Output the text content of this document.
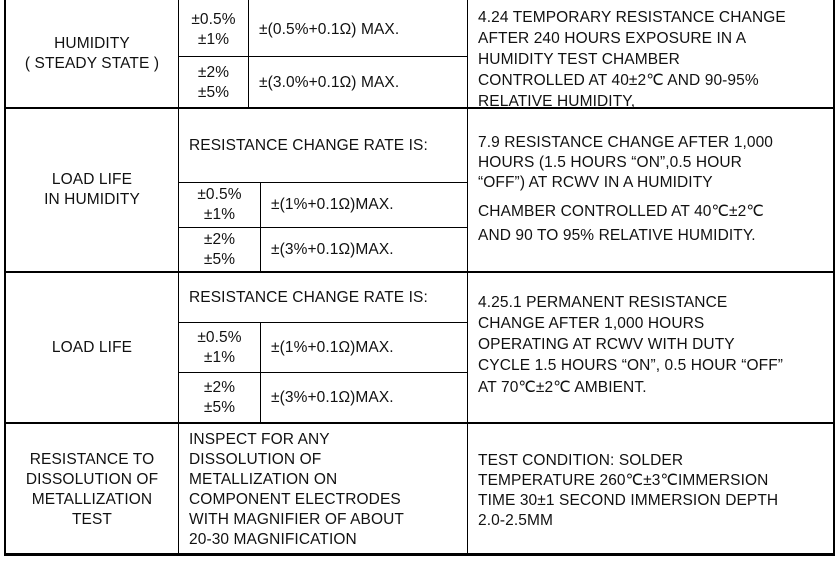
HUMIDITY
( STEADY STATE )
±0.5%
±1%
±(0.5%+0.1Ω) MAX.
±2%
±5%
±(3.0%+0.1Ω) MAX.
4.24 TEMPORARY RESISTANCE CHANGE
AFTER 240 HOURS EXPOSURE IN A
HUMIDITY TEST CHAMBER
CONTROLLED AT 40±2℃ AND 90-95%
RELATIVE HUMIDITY,
LOAD LIFE
IN HUMIDITY
RESISTANCE CHANGE RATE IS:
±0.5%
±1%
±(1%+0.1Ω)MAX.
±2%
±5%
±(3%+0.1Ω)MAX.
7.9 RESISTANCE CHANGE AFTER 1,000
HOURS (1.5 HOURS “ON”,0.5 HOUR
“OFF”) AT RCWV IN A HUMIDITY
CHAMBER CONTROLLED AT 40℃±2℃
AND 90 TO 95% RELATIVE HUMIDITY.
LOAD LIFE
RESISTANCE CHANGE RATE IS:
±0.5%
±1%
±(1%+0.1Ω)MAX.
±2%
±5%
±(3%+0.1Ω)MAX.
4.25.1 PERMANENT RESISTANCE
CHANGE AFTER 1,000 HOURS
OPERATING AT RCWV WITH DUTY
CYCLE 1.5 HOURS “ON”, 0.5 HOUR “OFF”
AT 70℃±2℃ AMBIENT.
RESISTANCE TO
DISSOLUTION OF
METALLIZATION
TEST
INSPECT FOR ANY
DISSOLUTION OF
METALLIZATION ON
COMPONENT ELECTRODES
WITH MAGNIFIER OF ABOUT
20-30 MAGNIFICATION
TEST CONDITION: SOLDER
TEMPERATURE 260℃±3℃IMMERSION
TIME 30±1 SECOND IMMERSION DEPTH
2.0-2.5MM
